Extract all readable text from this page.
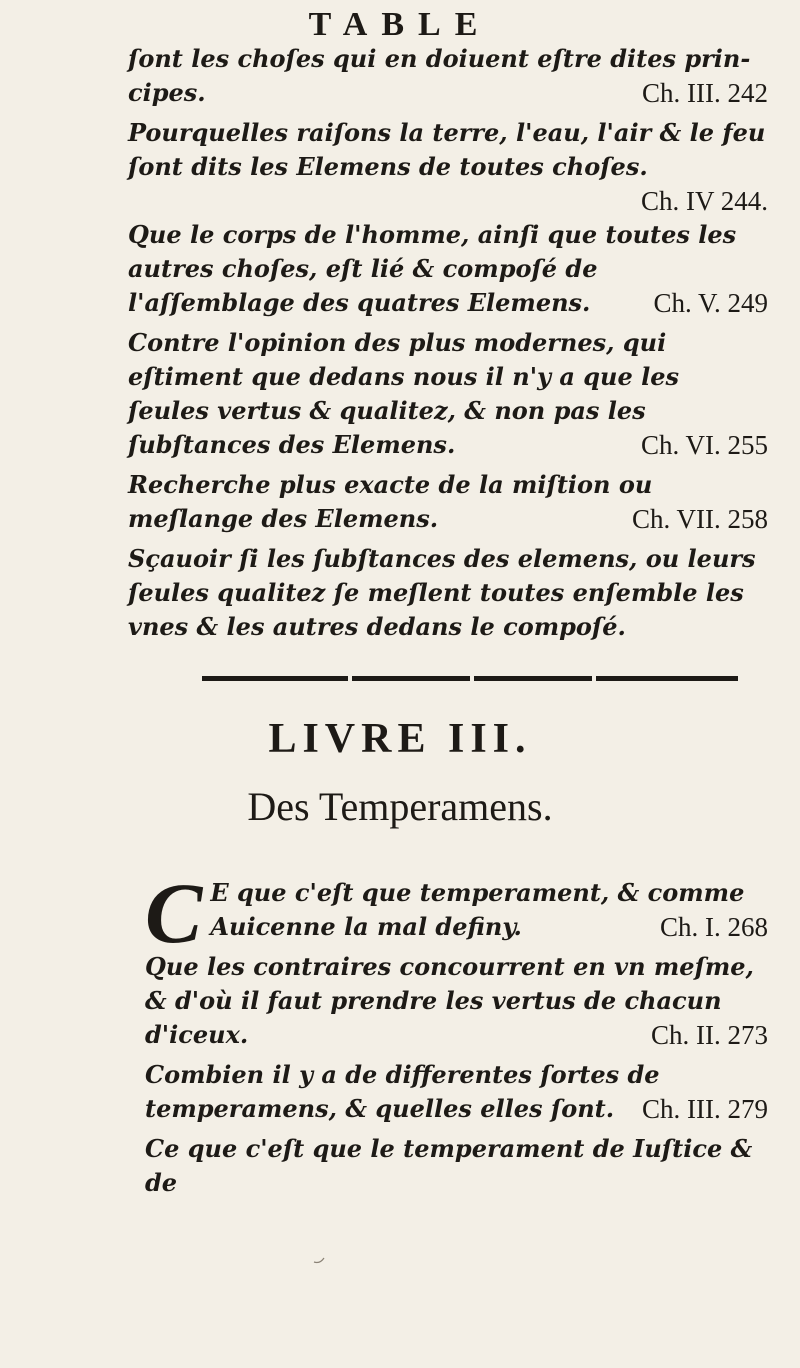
TABLE

ſont les choſes qui en doiuent eſtre dites prin-cipes.	Ch. III. 242

Pourquelles raiſons la terre, l'eau, l'air & le feu ſont dits les Elemens de toutes choſes.
Ch. IV 244.

Que le corps de l'homme, ainſi que toutes les autres choſes, eſt lié & compoſé de l'aſſemblage des quatres Elemens. Ch. V. 249

Contre l'opinion des plus modernes, qui eſtiment que dedans nous il n'y a que les ſeules vertus & qualitez, & non pas les ſubſtances des Elemens.	Ch. VI. 255

Recherche plus exacte de la miſtion ou meſlange des Elemens.	Ch. VII. 258

Sçauoir ſi les ſubſtances des elemens, ou leurs ſeules qualitez ſe meſlent toutes enſemble les vnes & les autres dedans le compoſé.

LIVRE III.
Des Temperamens.

C E que c'eſt que temperament, & comme Auicenne la mal definy.	Ch. I. 268

Que les contraires concourrent en vn meſme, & d'où il faut prendre les vertus de chacun d'iceux.	Ch. II. 273

Combien il y a de differentes ſortes de temperamens, & quelles elles ſont. Ch. III. 279

Ce que c'eſt que le temperament de Iuſtice & de
